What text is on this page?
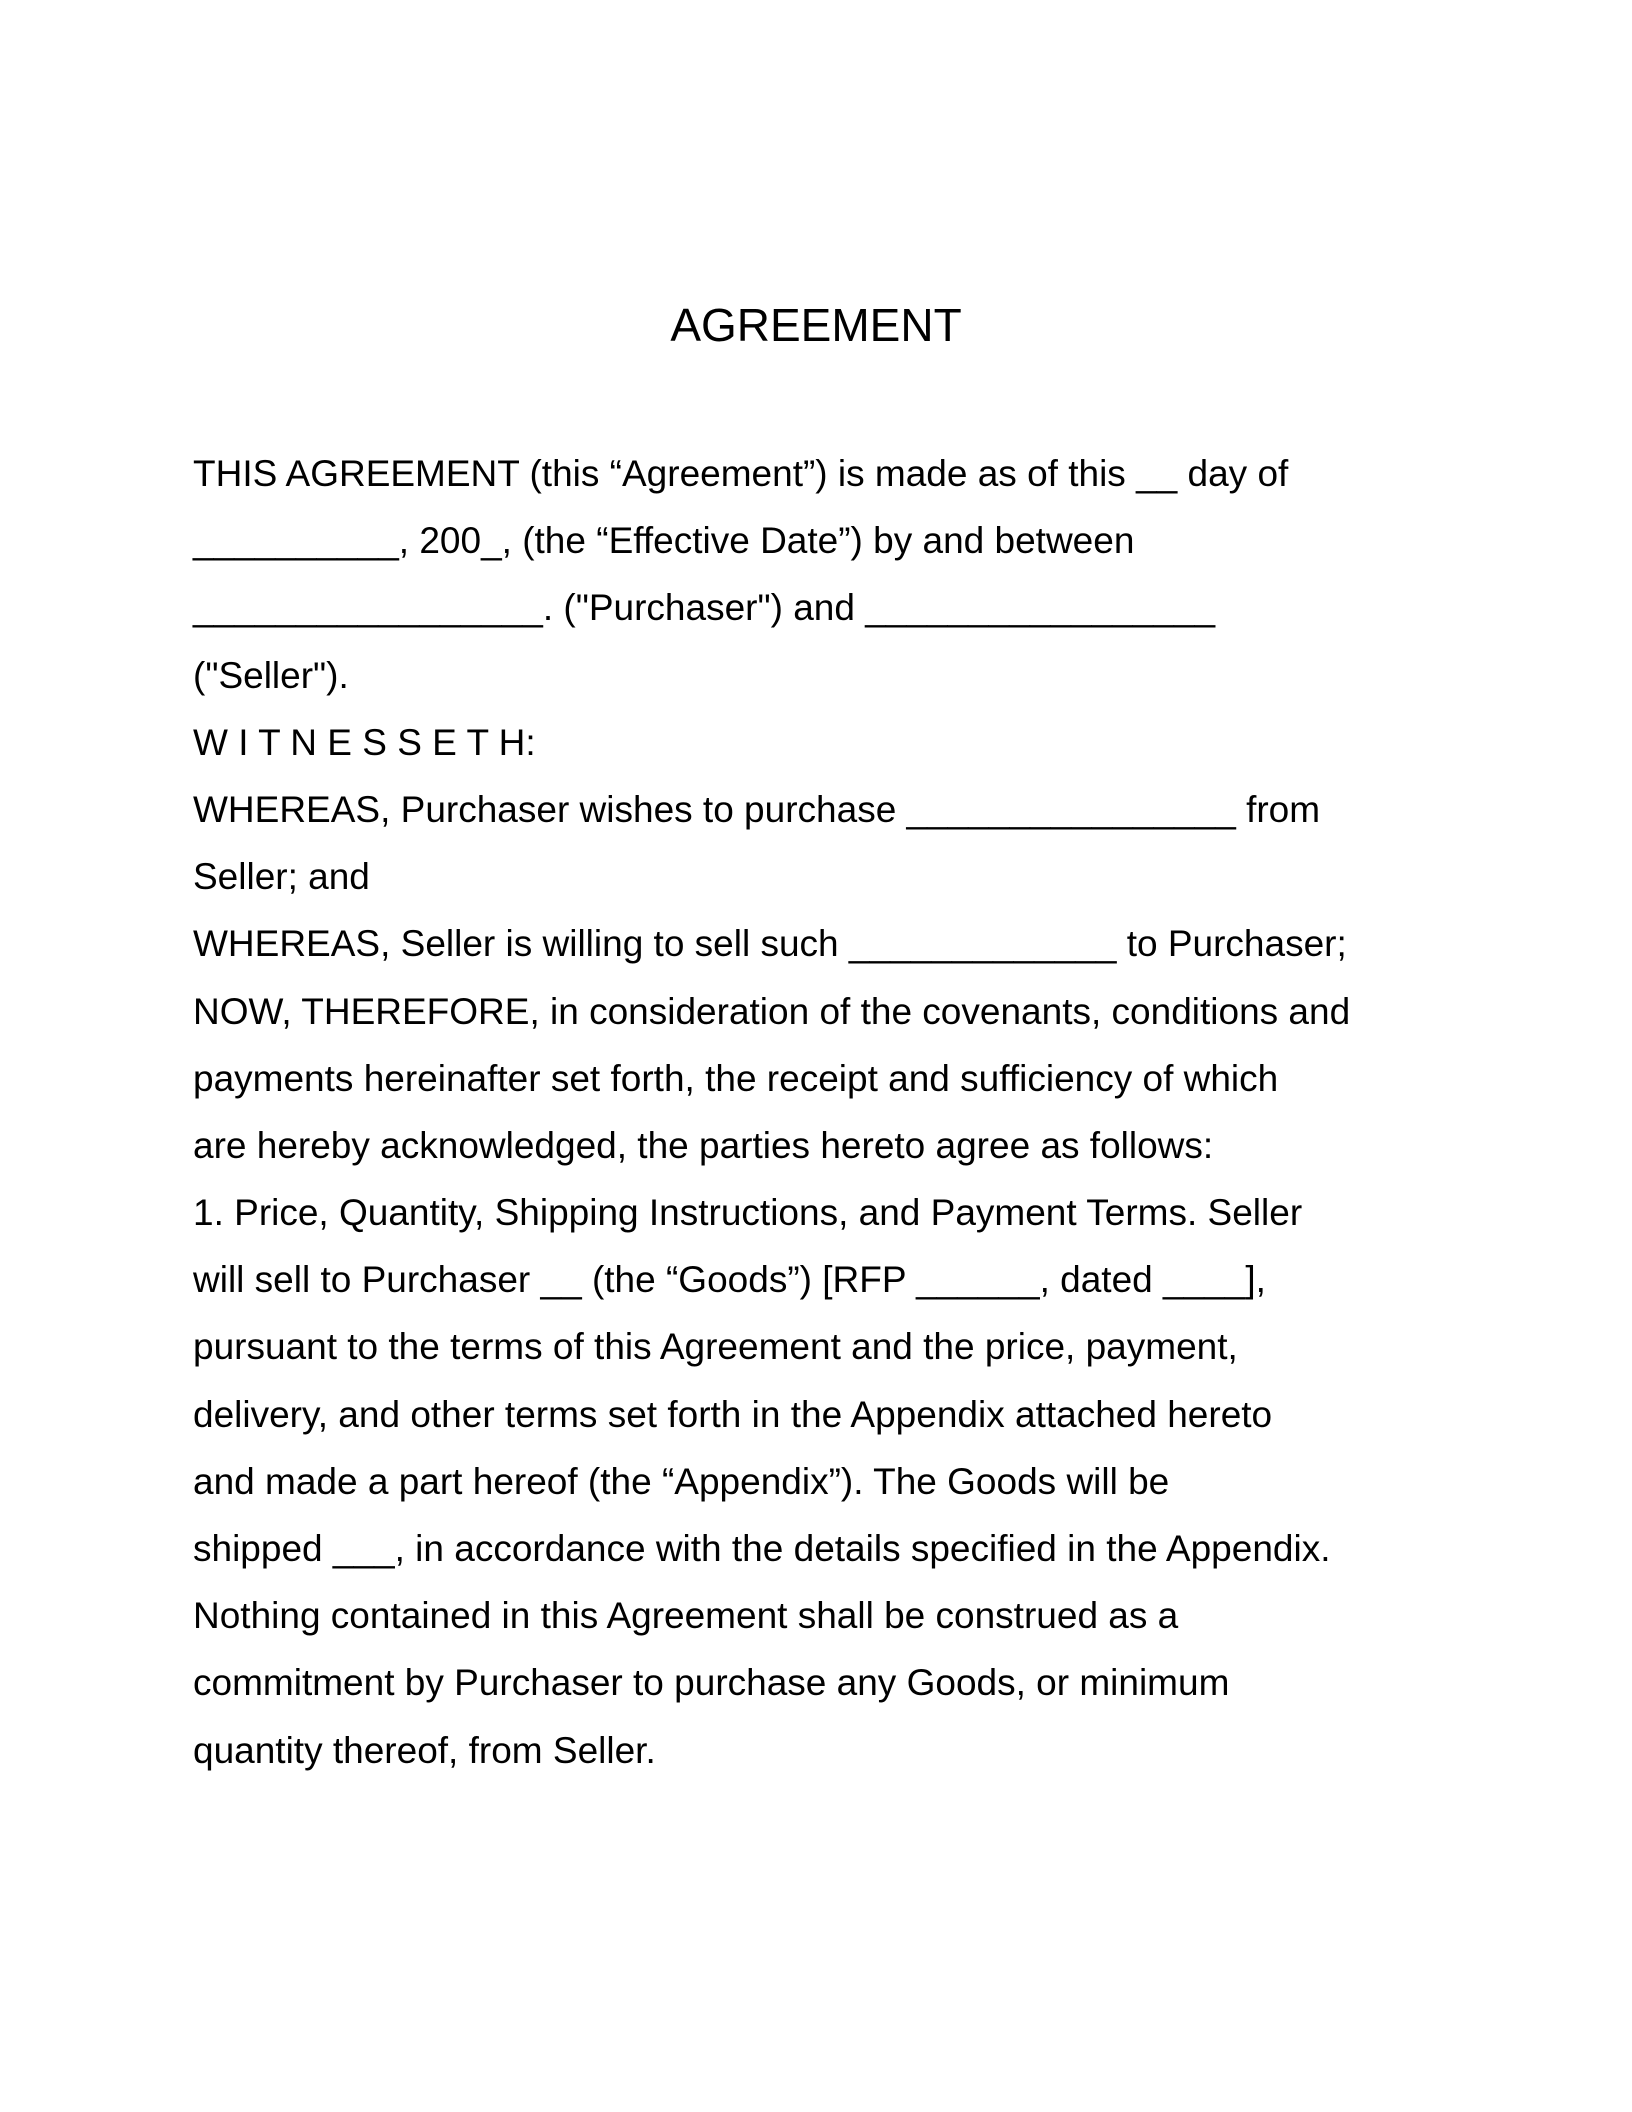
AGREEMENT
THIS AGREEMENT (this “Agreement”) is made as of this __ day of
__________, 200_, (the “Effective Date”) by and between
_________________. ("Purchaser") and _________________
("Seller").
W I T N E S S E T H:
WHEREAS, Purchaser wishes to purchase ________________ from
Seller; and
WHEREAS, Seller is willing to sell such _____________ to Purchaser;
NOW, THEREFORE, in consideration of the covenants, conditions and
payments hereinafter set forth, the receipt and sufficiency of which
are hereby acknowledged, the parties hereto agree as follows:
1. Price, Quantity, Shipping Instructions, and Payment Terms. Seller
will sell to Purchaser __ (the “Goods”) [RFP ______, dated ____],
pursuant to the terms of this Agreement and the price, payment,
delivery, and other terms set forth in the Appendix attached hereto
and made a part hereof (the “Appendix”). The Goods will be
shipped ___, in accordance with the details specified in the Appendix.
Nothing contained in this Agreement shall be construed as a
commitment by Purchaser to purchase any Goods, or minimum
quantity thereof, from Seller.
